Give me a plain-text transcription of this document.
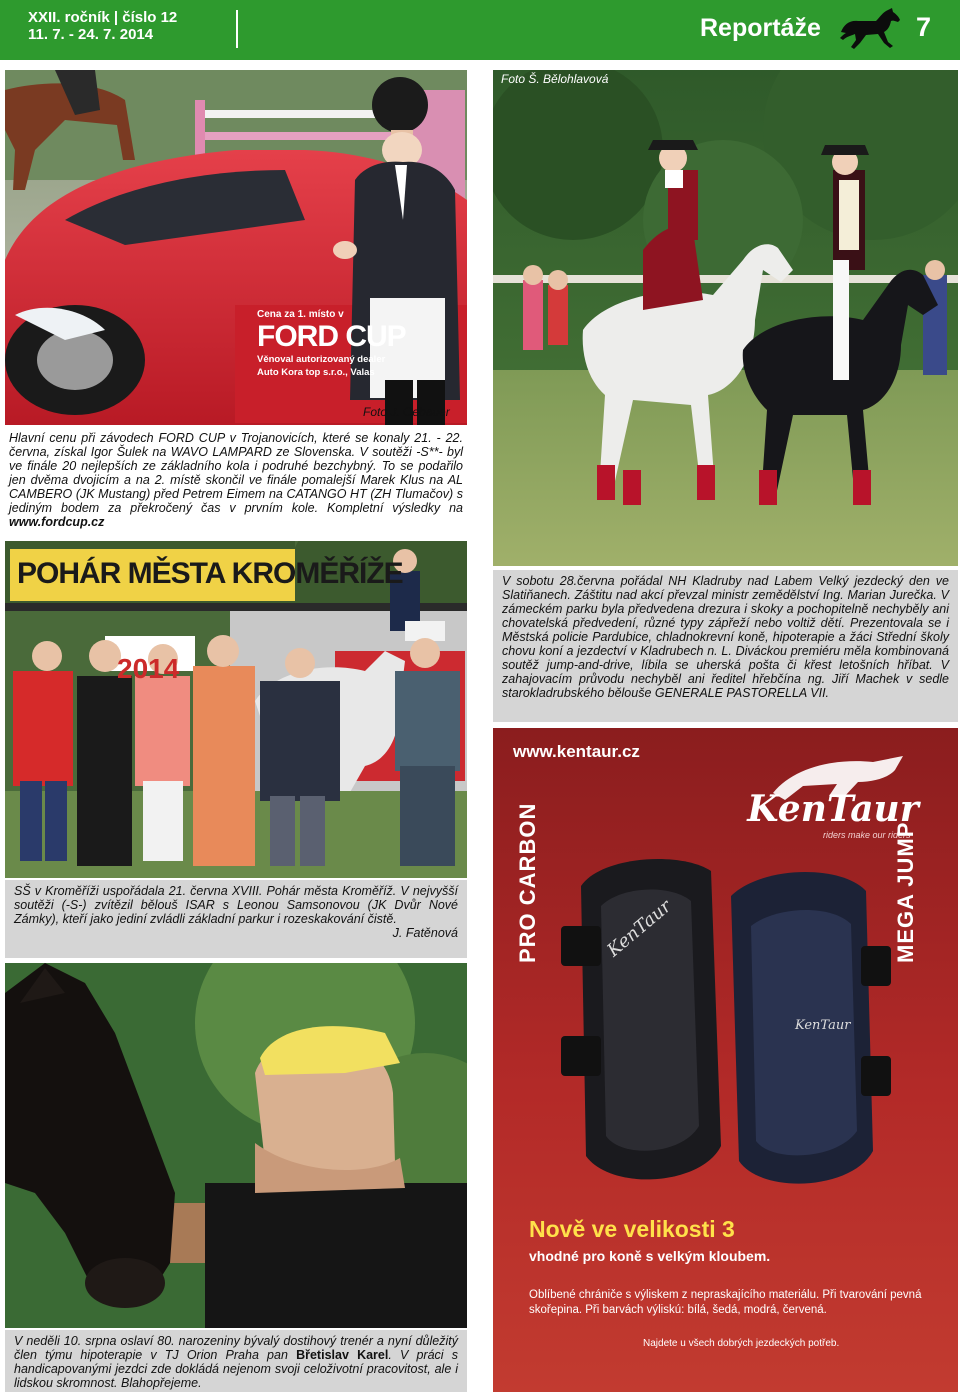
XXII. ročník | číslo 12
11. 7. - 24. 7. 2014	Reportáže	7
Cena za 1. místo v
FORD CUP
Věnoval autorizovaný dealer
Auto Kora top s.r.o., Valas
Foto J. Gebauer

Hlavní cenu při závodech FORD CUP v Trojanovicích, které se konaly 21. - 22. června, získal Igor Šulek na WAVO LAMPARD ze Slovenska. V soutěži -S**- byl ve finále 20 nejlepších ze základního kola i podruhé bezchybný. To se podařilo jen dvěma dvojicím a na 2. místě skončil ve finále pomalejší Marek Klus na AL CAMBERO (JK Mustang) před Petrem Eimem na CATANGO HT (ZH Tlumačov) s jediným bodem za překročený čas v prvním kole. Kompletní výsledky na www.fordcup.cz

Foto Š. Bělohlavová

V sobotu 28.června pořádal NH Kladruby nad Labem Velký jezdecký den ve Slatiňanech. Záštitu nad akcí převzal ministr zemědělství Ing. Marian Jurečka. V zámeckém parku byla předvedena drezura i skoky a pochopitelně nechyběly ani chovatelská předvedení, různé typy zápřeží nebo voltiž dětí. Prezentovala se i Městská policie Pardubice, chladnokrevní koně, hipoterapie a žáci Střední školy chovu koní a jezdectví v Kladrubech n. L. Diváckou premiéru měla kombinovaná soutěž jump-and-drive, líbila se uherská pošta či křest letošních hříbat. V zahajovacím průvodu nechyběl ani ředitel hřebčína ng. Jiří Machek v sedle starokladrubského bělouše GENERALE PASTORELLA VII.

POHÁR MĚSTA KROMĚŘÍŽE
2014

SŠ v Kroměříži uspořádala 21. června XVIII. Pohár města Kroměříž. V nejvyšší soutěži (-S-) zvítězil bělouš ISAR s Leonou Samsonovou (JK Dvůr Nové Zámky), kteří jako jediní zvládli základní parkur i rozeskakování čistě.
J. Fatěnová

V neděli 10. srpna oslaví 80. narozeniny bývalý dostihový trenér a nyní důležitý člen týmu hipoterapie v TJ Orion Praha pan Břetislav Karel. V práci s handicapovanými jezdci zde dokládá nejenom svoji celoživotní pracovitost, ale i lidskou skromnost. Blahopřejeme.

www.kentaur.cz
KenTaur
riders make our riders
PRO CARBON	MEGA JUMP
KenTaur
KenTaur
Nově ve velikosti 3
vhodné pro koně s velkým kloubem.
Oblíbené chrániče s výliskem z nepraskajícího materiálu. Při tvarování pevná skořepina. Při barvách výliskú: bílá, šedá, modrá, červená.
Najdete u všech dobrých jezdeckých potřeb.
